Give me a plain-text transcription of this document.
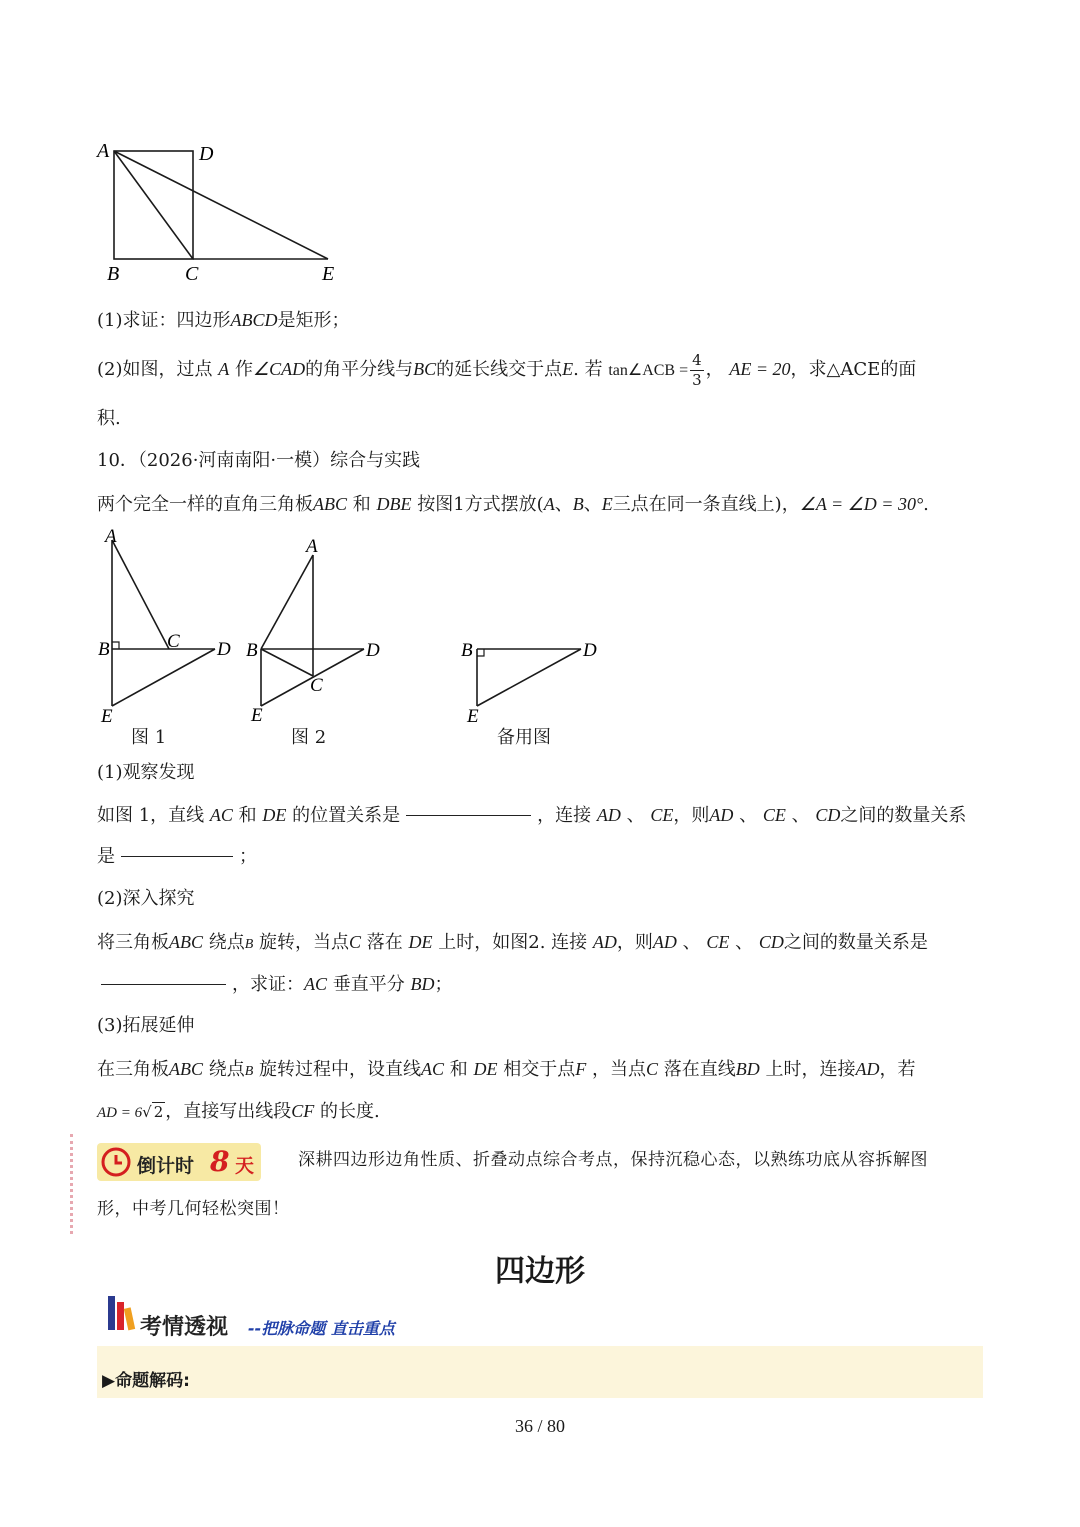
A	D
B	C	E
(1)求证：四边形ABCD是矩形；
(2)如图，过点 A 作∠CAD的角平分线与BC的延长线交于点E. 若 tan∠ACB = $\frac{4}{3}$ ， AE = 20，求△ACE的面
积.
10．（2026·河南南阳·一模）综合与实践
两个完全一样的直角三角板ABC 和 DBE 按图1方式摆放(A、B、E三点在同一条直线上)，∠A = ∠D = 30°.
A
B	C D
E
A
B
C
D
E
B	D
E
图 1	图 2	备用图
(1)观察发现
如图 1，直线 AC 和 DE 的位置关系是	，连接 AD 、 CE，则AD 、 CE 、 CD之间的数量关系
是	；
(2)深入探究
将三角板ABC 绕点B 旋转，当点C 落在 DE 上时，如图2. 连接 AD，则AD 、 CE 、 CD之间的数量关系是
，求证：AC 垂直平分 BD；
(3)拓展延伸
在三角板ABC 绕点B 旋转过程中，设直线AC 和 DE 相交于点F ，当点C 落在直线BD 上时，连接AD，若
AD = 6√ 2 ，直接写出线段CF 的长度.
倒计时 8 天	深耕四边形边角性质、折叠动点综合考点，保持沉稳心态，以熟练功底从容拆解图
形，中考几何轻松突围！
四边形
考情透视 --把脉命题 直击重点
▶命题解码:
36 / 80
